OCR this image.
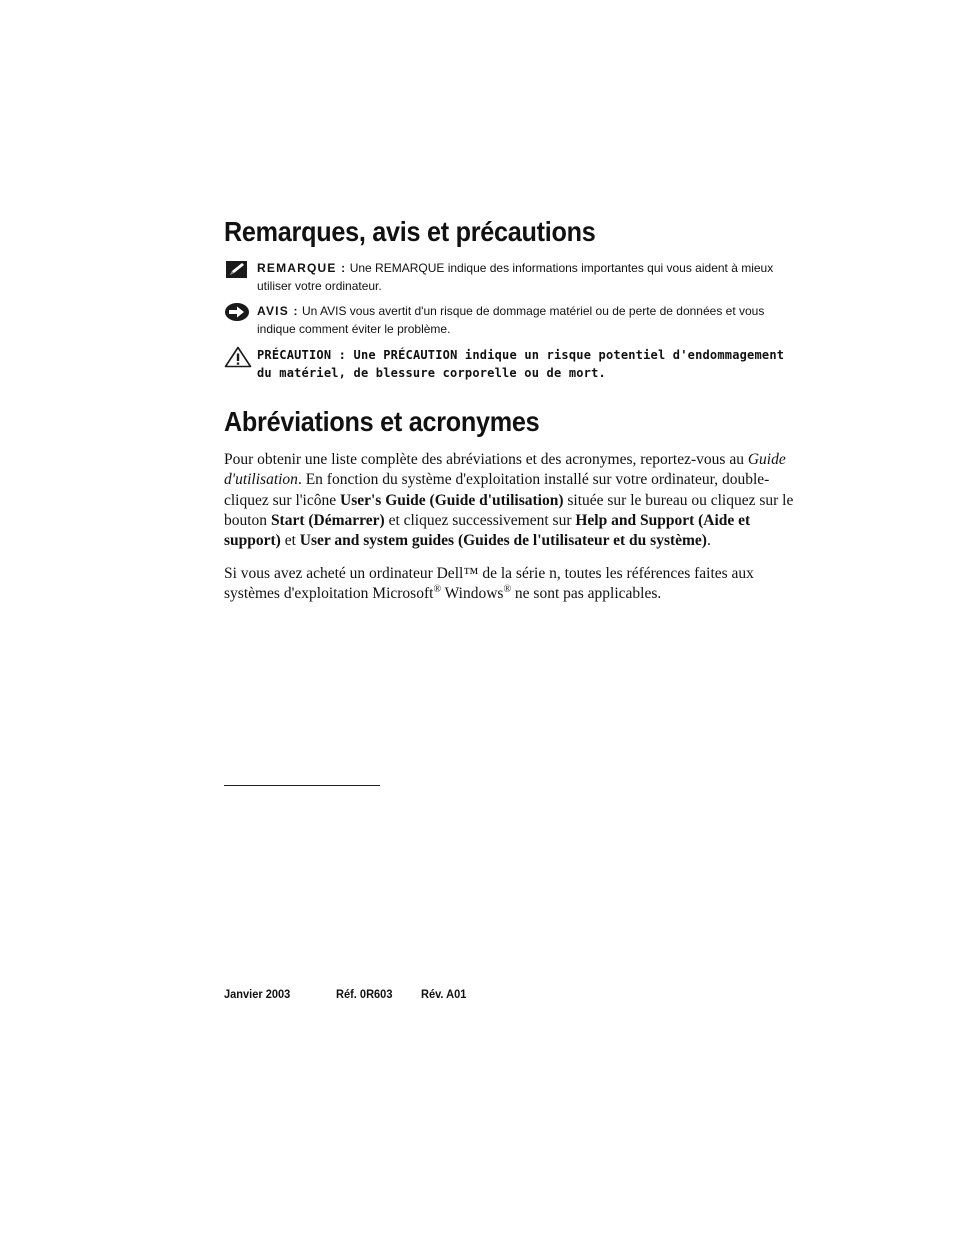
Remarques, avis et précautions
REMARQUE : Une REMARQUE indique des informations importantes qui vous aident à mieux utiliser votre ordinateur.
AVIS : Un AVIS vous avertit d'un risque de dommage matériel ou de perte de données et vous indique comment éviter le problème.
PRÉCAUTION : Une PRÉCAUTION indique un risque potentiel d'endommagement du matériel, de blessure corporelle ou de mort.
Abréviations et acronymes

Pour obtenir une liste complète des abréviations et des acronymes, reportez-vous au Guide d'utilisation. En fonction du système d'exploitation installé sur votre ordinateur, double-cliquez sur l'icône User's Guide (Guide d'utilisation) située sur le bureau ou cliquez sur le bouton Start (Démarrer) et cliquez successivement sur Help and Support (Aide et support) et User and system guides (Guides de l'utilisateur et du système).

Si vous avez acheté un ordinateur Dell™ de la série n, toutes les références faites aux systèmes d'exploitation Microsoft® Windows® ne sont pas applicables.

Janvier 2003	Réf. 0R603 Rév. A01
